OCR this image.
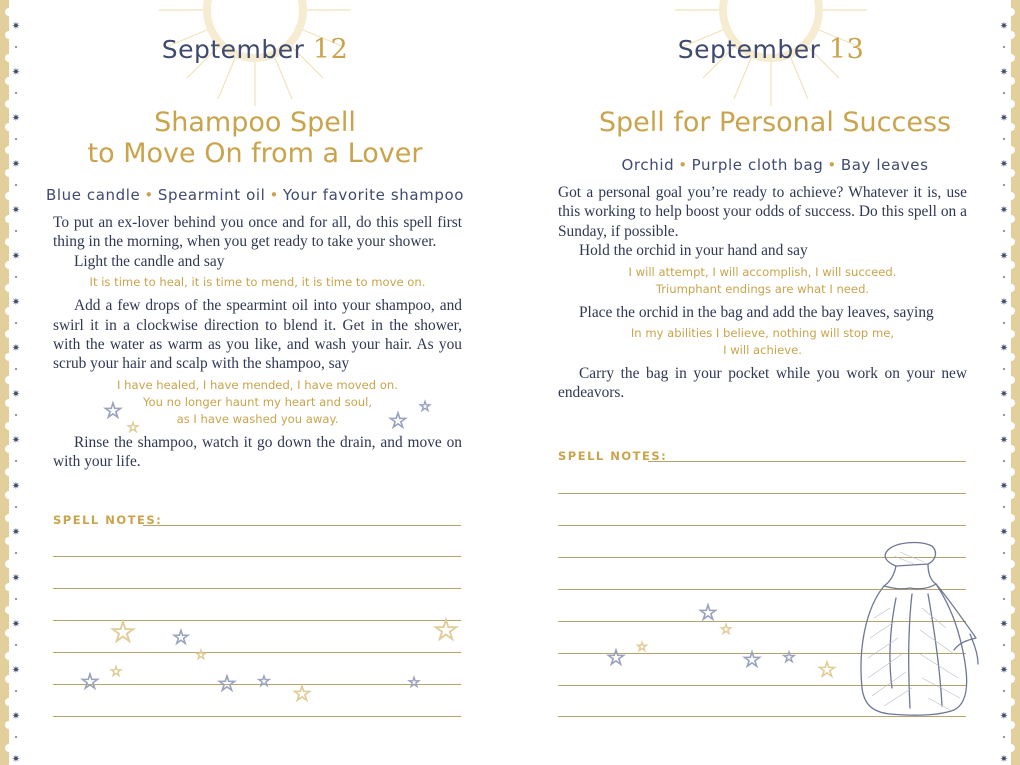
✷
✷
✷
✷
✷
✷
✷
✷
✷
✷
✷
✷
✷
✷
✷
✷
✷
September 12
Shampoo Spell
to Move On from a Lover
Blue candle • Spearmint oil • Your favorite shampoo

To put an ex-lover behind you once and for all, do this spell first thing in the morning, when you get ready to take your shower.

Light the candle and say

It is time to heal, it is time to mend, it is time to move on.

Add a few drops of the spearmint oil into your shampoo, and swirl it in a clockwise direction to blend it. Get in the shower, with the water as warm as you like, and wash your hair. As you scrub your hair and scalp with the shampoo, say

I have healed, I have mended, I have moved on.
You no longer haunt my heart and soul,
as I have washed you away.

Rinse the shampoo, watch it go down the drain, and move on with your life.

SPELL NOTES:
☆
☆	☆
☆
☆ ☆
☆
☆
☆	☆ ☆
☆	☆
☆
✷
✷
✷
✷
✷
✷
✷
✷
✷
✷
✷
✷
✷
✷
✷
✷
✷
September 13
Spell for Personal Success
Orchid • Purple cloth bag • Bay leaves

Got a personal goal you’re ready to achieve? Whatever it is, use this working to help boost your odds of success. Do this spell on a Sunday, if possible.

Hold the orchid in your hand and say

I will attempt, I will accomplish, I will succeed.
Triumphant endings are what I need.

Place the orchid in the bag and add the bay leaves, saying

In my abilities I believe, nothing will stop me,
I will achieve.

Carry the bag in your pocket while you work on your new endeavors.

SPELL NOTES:
☆
☆
☆
☆	☆ ☆
☆
